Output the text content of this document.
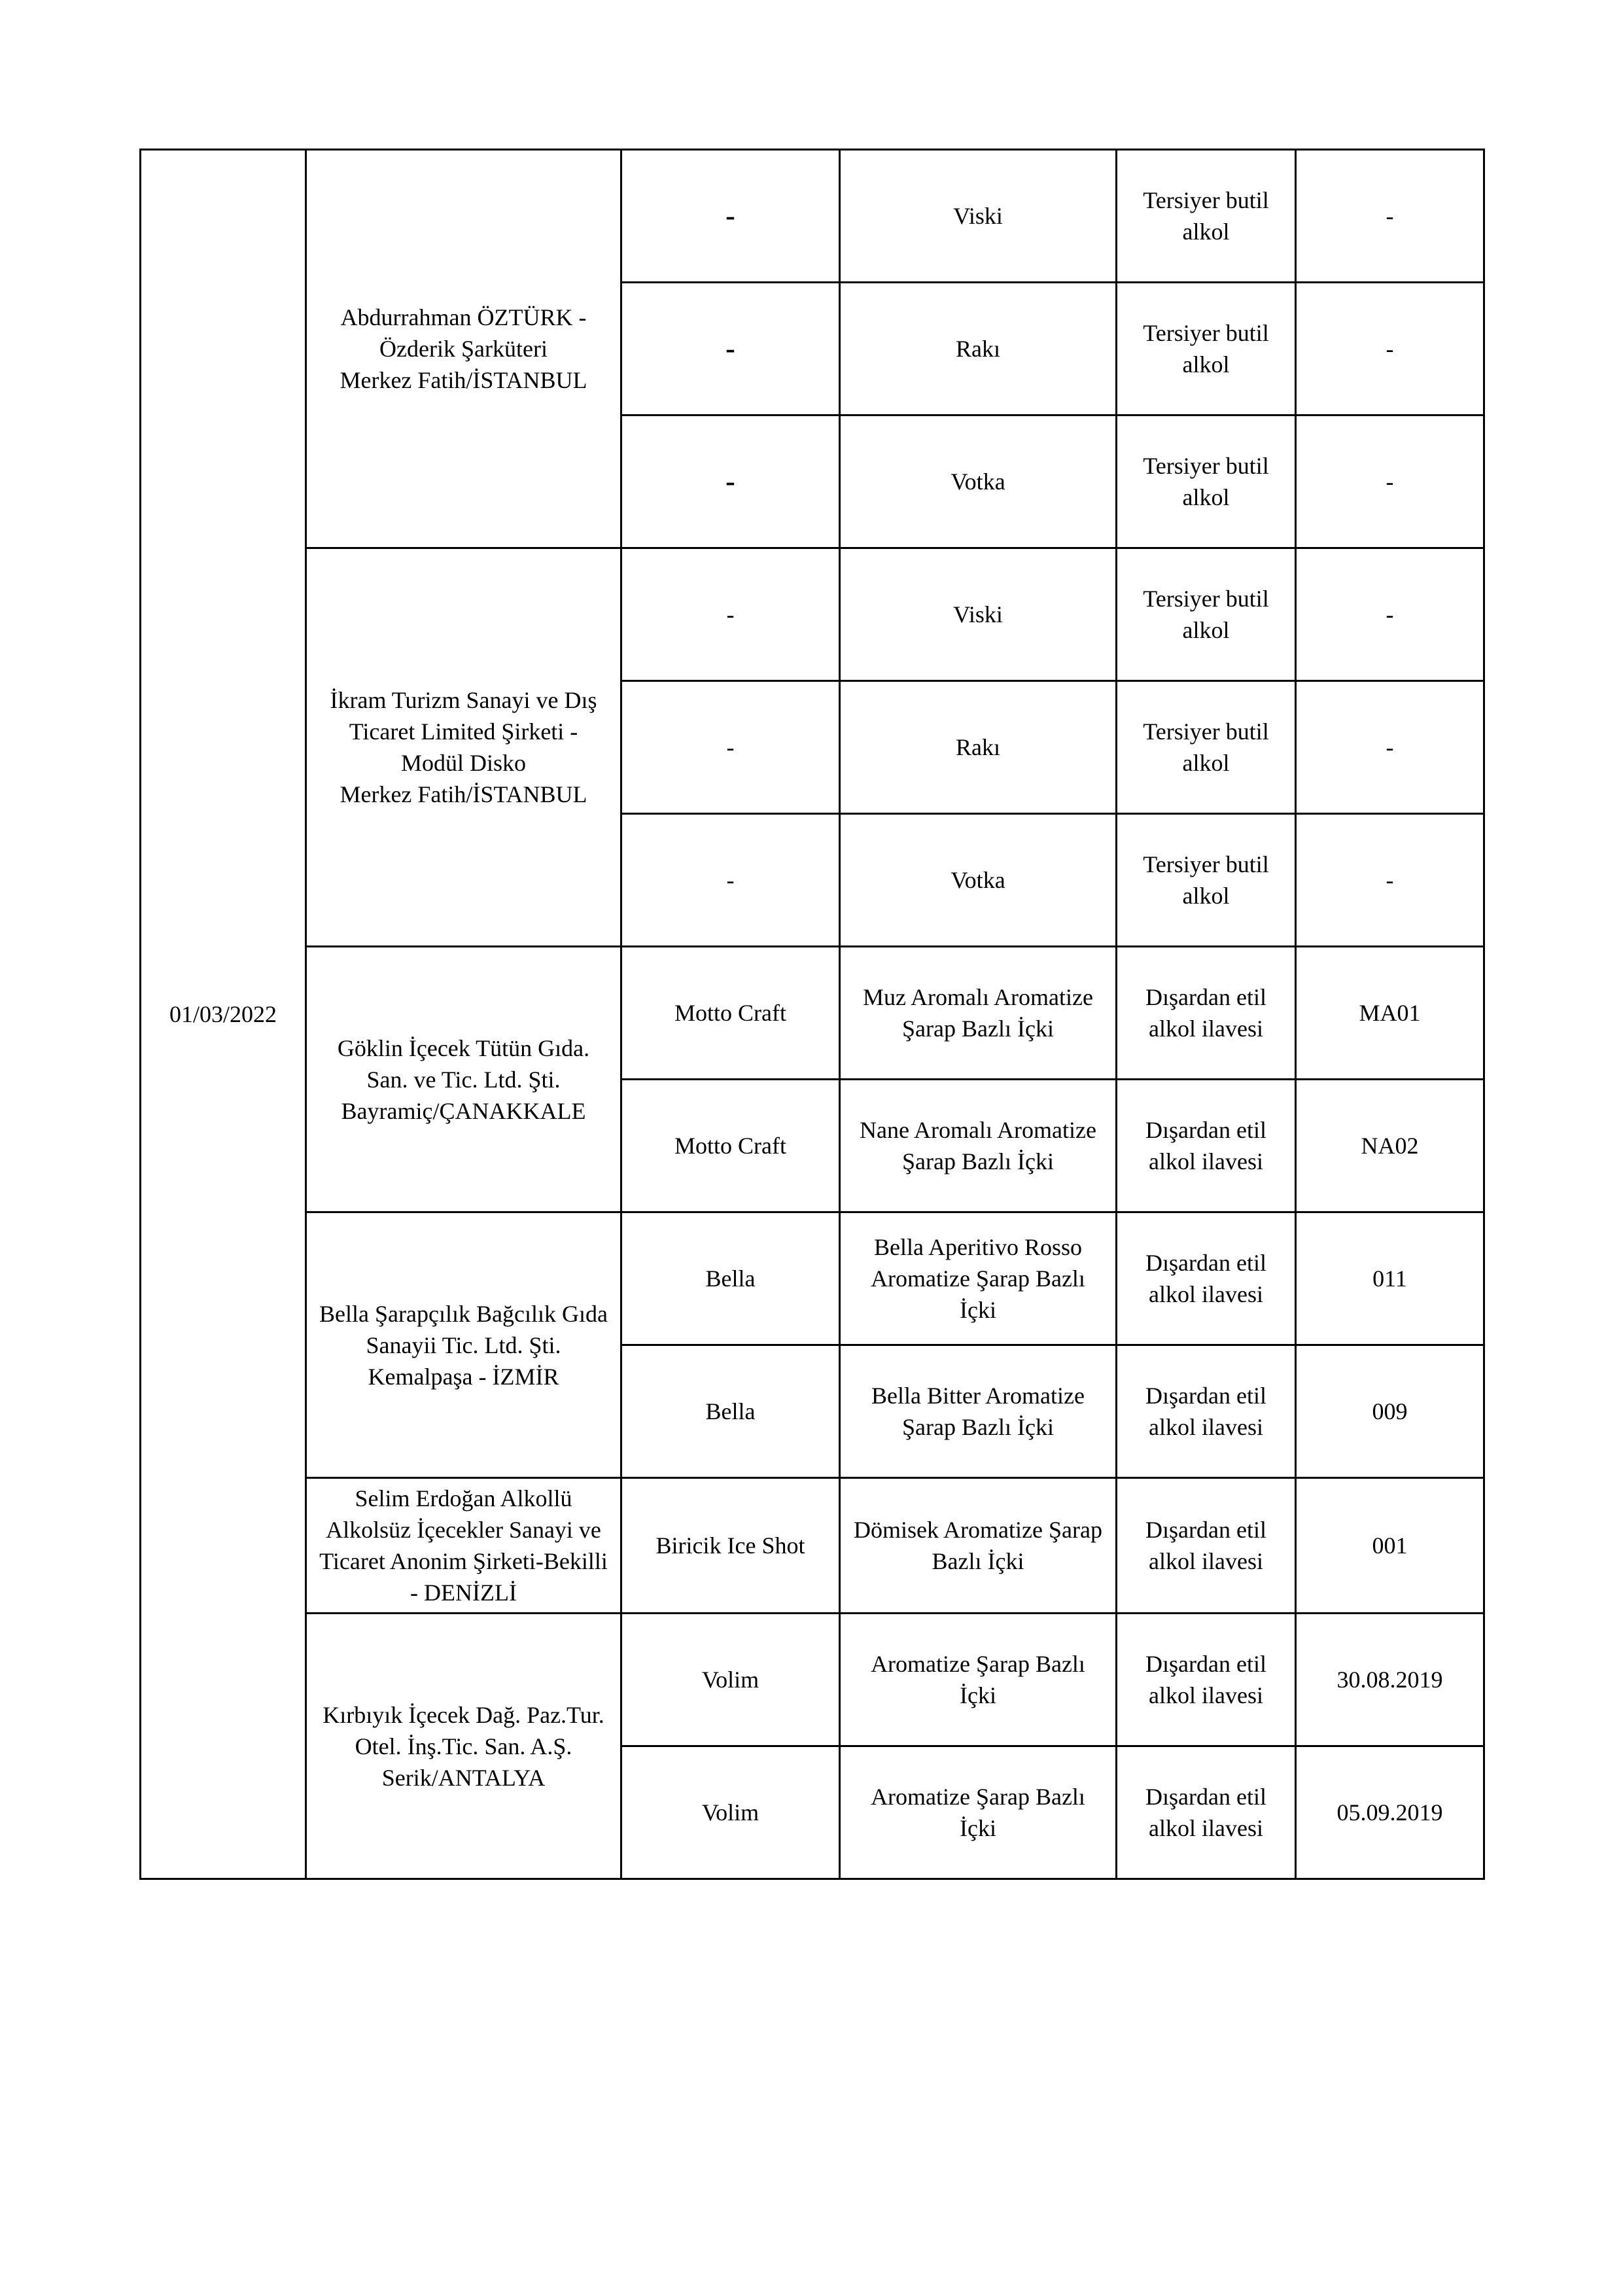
01/03/2022	Abdurrahman ÖZTÜRK -
Özderik Şarküteri
Merkez Fatih/İSTANBUL	-	Viski	Tersiyer butil
alkol	-
		-	Rakı	Tersiyer butil
alkol	-
		-	Votka	Tersiyer butil
alkol	-
	İkram Turizm Sanayi ve Dış
Ticaret Limited Şirketi -
Modül Disko
Merkez Fatih/İSTANBUL	-	Viski	Tersiyer butil
alkol	-
		-	Rakı	Tersiyer butil
alkol	-
		-	Votka	Tersiyer butil
alkol	-
	Göklin İçecek Tütün Gıda.
San. ve Tic. Ltd. Şti.
Bayramiç/ÇANAKKALE	Motto Craft	Muz Aromalı Aromatize
Şarap Bazlı İçki	Dışardan etil
alkol ilavesi	MA01
		Motto Craft	Nane Aromalı Aromatize
Şarap Bazlı İçki	Dışardan etil
alkol ilavesi	NA02
	Bella Şarapçılık Bağcılık Gıda
Sanayii Tic. Ltd. Şti.
Kemalpaşa - İZMİR	Bella	Bella Aperitivo Rosso
Aromatize Şarap Bazlı
İçki	Dışardan etil
alkol ilavesi	011
		Bella	Bella Bitter Aromatize
Şarap Bazlı İçki	Dışardan etil
alkol ilavesi	009
	Selim Erdoğan Alkollü
Alkolsüz İçecekler Sanayi ve
Ticaret Anonim Şirketi-Bekilli
- DENİZLİ	Biricik Ice Shot	Dömisek Aromatize Şarap
Bazlı İçki	Dışardan etil
alkol ilavesi	001
	Kırbıyık İçecek Dağ. Paz.Tur.
Otel. İnş.Tic. San. A.Ş.
Serik/ANTALYA	Volim	Aromatize Şarap Bazlı
İçki	Dışardan etil
alkol ilavesi	30.08.2019
		Volim	Aromatize Şarap Bazlı
İçki	Dışardan etil
alkol ilavesi	05.09.2019
